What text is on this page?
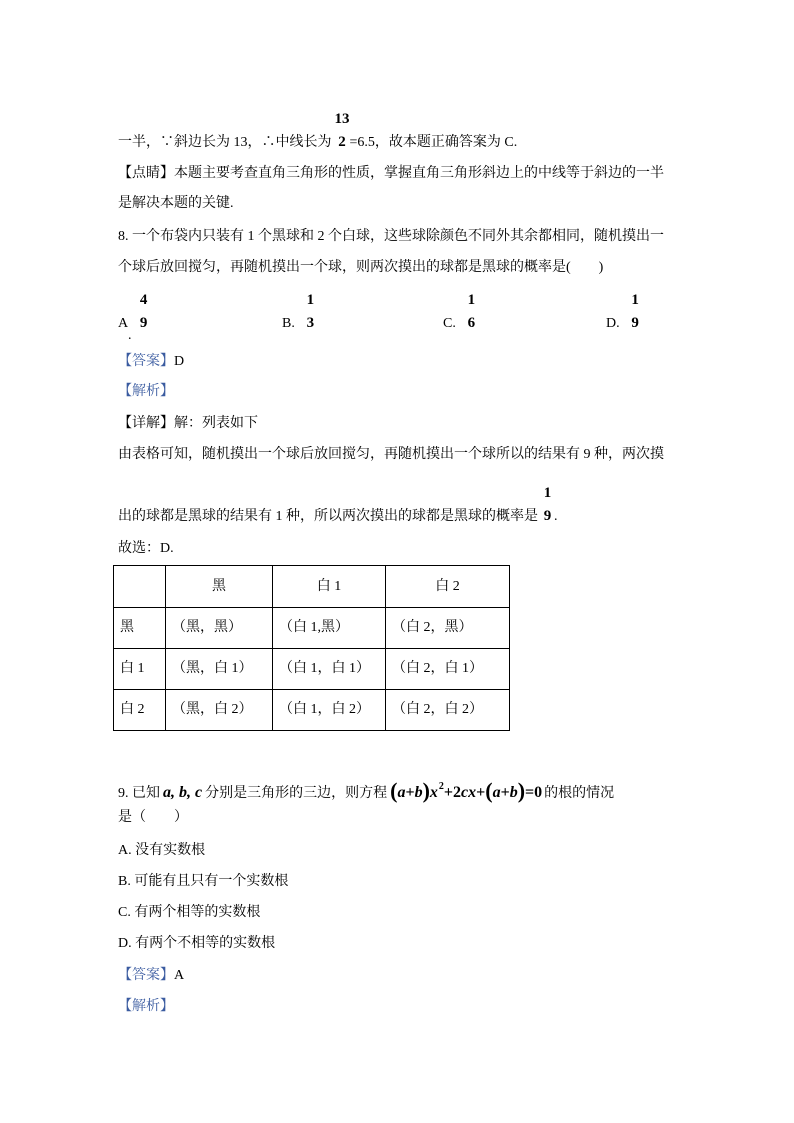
一半，∵斜边长为 13，∴中线长为
13
2 =6.5，故本题正确答案为 C.
【点睛】 本题主要考查直角三角形的性质，掌握直角三角形斜边上的中线等于斜边的一半
是解决本题的关键.
8. 一个布袋内只装有 1 个黑球和 2 个白球，这些球除颜色不同外其余都相同，随机摸出一
个球后放回搅匀，再随机摸出一个球，则两次摸出的球都是黑球的概率是(　　)
A
4
9
.
B.
1
3	C.
1
6	D.
1
9
【答案】 D
【解析】
【详解】 解：列表如下
由表格可知，随机摸出一个球后放回搅匀，再随机摸出一个球所以的结果有 9 种，两次摸
出的球都是黑球的结果有 1 种，所以两次摸出的球都是黑球的概率是
1
9 .
故选：D.
	黑	白 1	白 2
黑	（黑，黑）	（白 1,黑）	（白 2，黑）
白 1	（黑，白 1）	（白 1，白 1）	（白 2，白 1）
白 2	（黑，白 2）	（白 1，白 2）	（白 2，白 2）
9. 已知 a, b, c 分别是三角形的三边，则方程 $(a+b)x^2+2cx+(a+b)=0$ 的根的情况
是（　　）
A. 没有实数根
B. 可能有且只有一个实数根
C. 有两个相等的实数根
D. 有两个不相等的实数根
【答案】 A
【解析】
